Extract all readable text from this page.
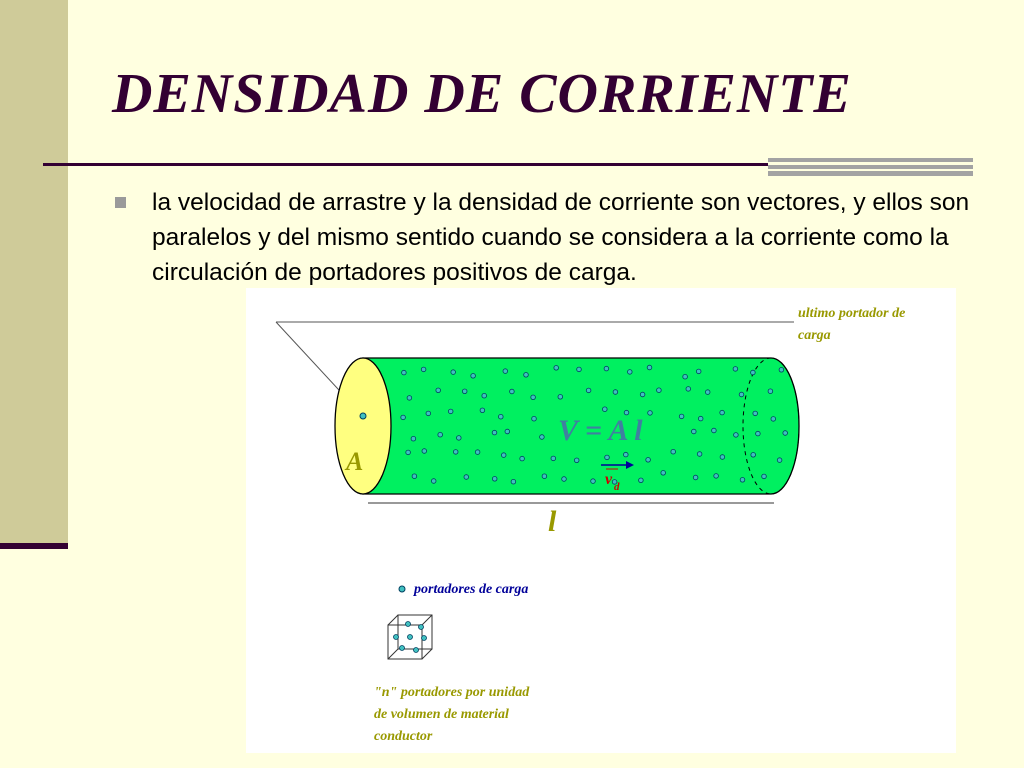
DENSIDAD DE CORRIENTE

la velocidad de arrastre y la densidad de corriente son vectores, y ellos son paralelos y del mismo sentido cuando se considera a la corriente como la circulación de portadores positivos de carga.

ultimo portador de
carga
A
V = A l
v d
l
portadores de carga
"n" portadores por unidad
de volumen de material
conductor
